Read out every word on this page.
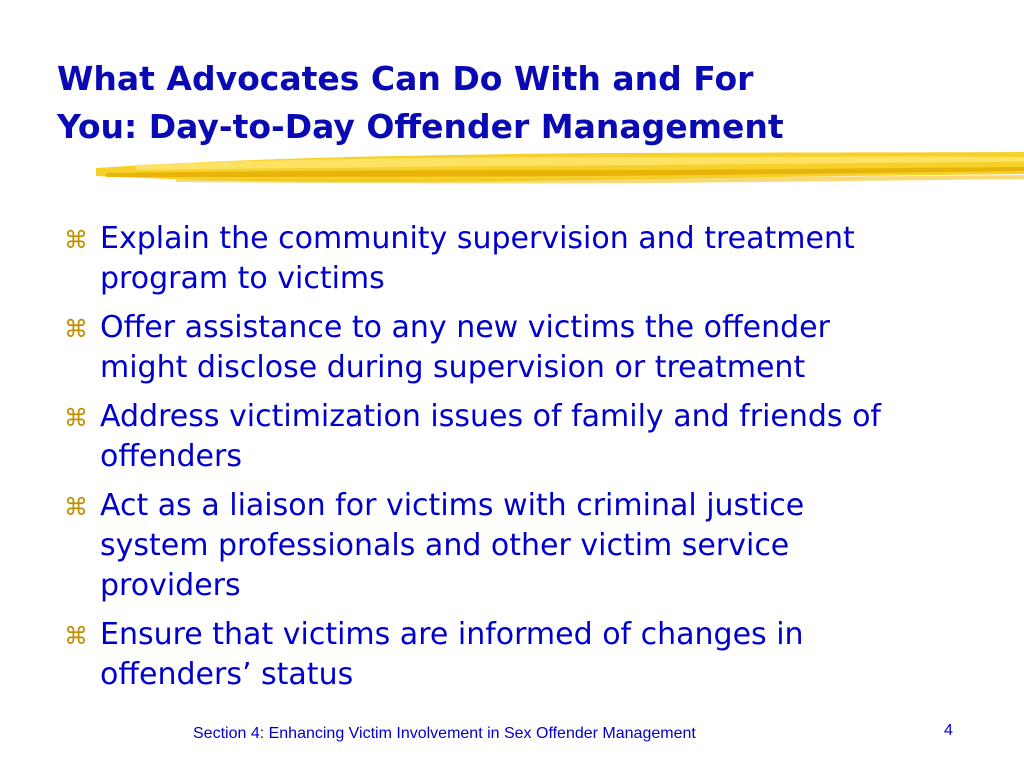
What Advocates Can Do With and For
You: Day-to-Day Offender Management
⌘ Explain the community supervision and treatment
program to victims
⌘ Offer assistance to any new victims the offender
might disclose during supervision or treatment
⌘ Address victimization issues of family and friends of
offenders
⌘ Act as a liaison for victims with criminal justice
system professionals and other victim service
providers
⌘ Ensure that victims are informed of changes in
offenders’ status
Section 4: Enhancing Victim Involvement in Sex Offender Management	4
